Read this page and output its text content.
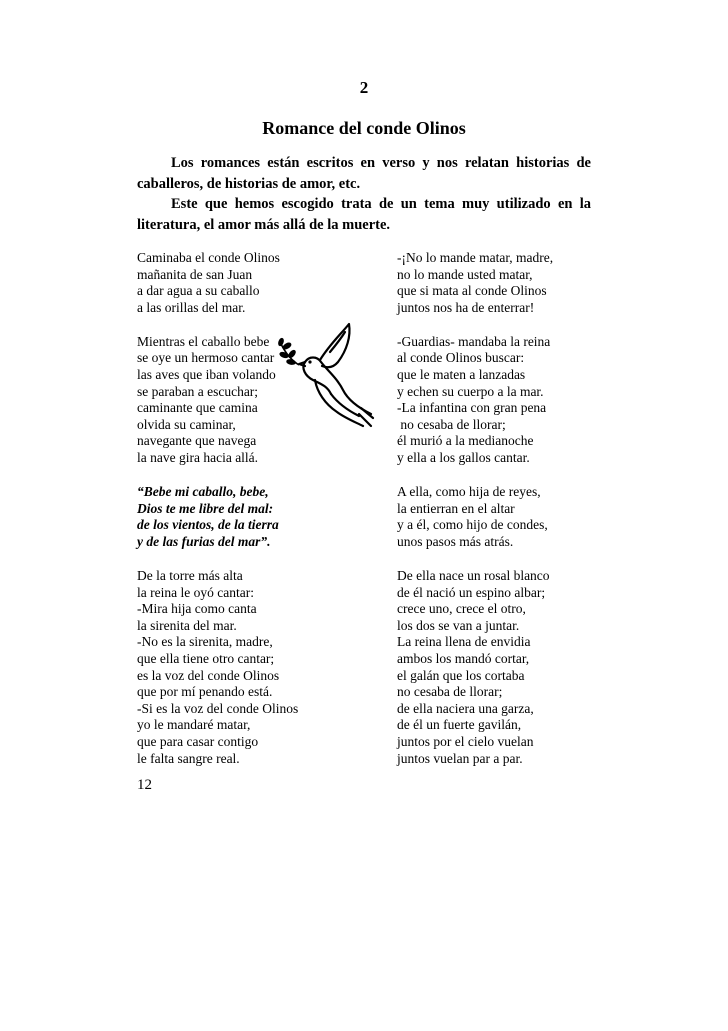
2
Romance del conde Olinos

Los romances están escritos en verso y nos relatan historias de caballeros, de historias de amor, etc.

Este que hemos escogido trata de un tema muy utilizado en la literatura, el amor más allá de la muerte.

Caminaba el conde Olinos
mañanita de san Juan
a dar agua a su caballo
a las orillas del mar.
Mientras el caballo bebe
se oye un hermoso cantar
las aves que iban volando
se paraban a escuchar;
caminante que camina
olvida su caminar,
navegante que navega
la nave gira hacia allá.
“Bebe mi caballo, bebe,
Dios te me libre del mal:
de los vientos, de la tierra
y de las furias del mar”.
De la torre más alta
la reina le oyó cantar:
-Mira hija como canta
la sirenita del mar.
-No es la sirenita, madre,
que ella tiene otro cantar;
es la voz del conde Olinos
que por mí penando está.
-Si es la voz del conde Olinos
yo le mandaré matar,
que para casar contigo
le falta sangre real.
-¡No lo mande matar, madre,
no lo mande usted matar,
que si mata al conde Olinos
juntos nos ha de enterrar!
-Guardias- mandaba la reina
al conde Olinos buscar:
que le maten a lanzadas
y echen su cuerpo a la mar.
-La infantina con gran pena
no cesaba de llorar;
él murió a la medianoche
y ella a los gallos cantar.
A ella, como hija de reyes,
la entierran en el altar
y a él, como hijo de condes,
unos pasos más atrás.
De ella nace un rosal blanco
de él nació un espino albar;
crece uno, crece el otro,
los dos se van a juntar.
La reina llena de envidia
ambos los mandó cortar,
el galán que los cortaba
no cesaba de llorar;
de ella naciera una garza,
de él un fuerte gavilán,
juntos por el cielo vuelan
juntos vuelan par a par.
12
